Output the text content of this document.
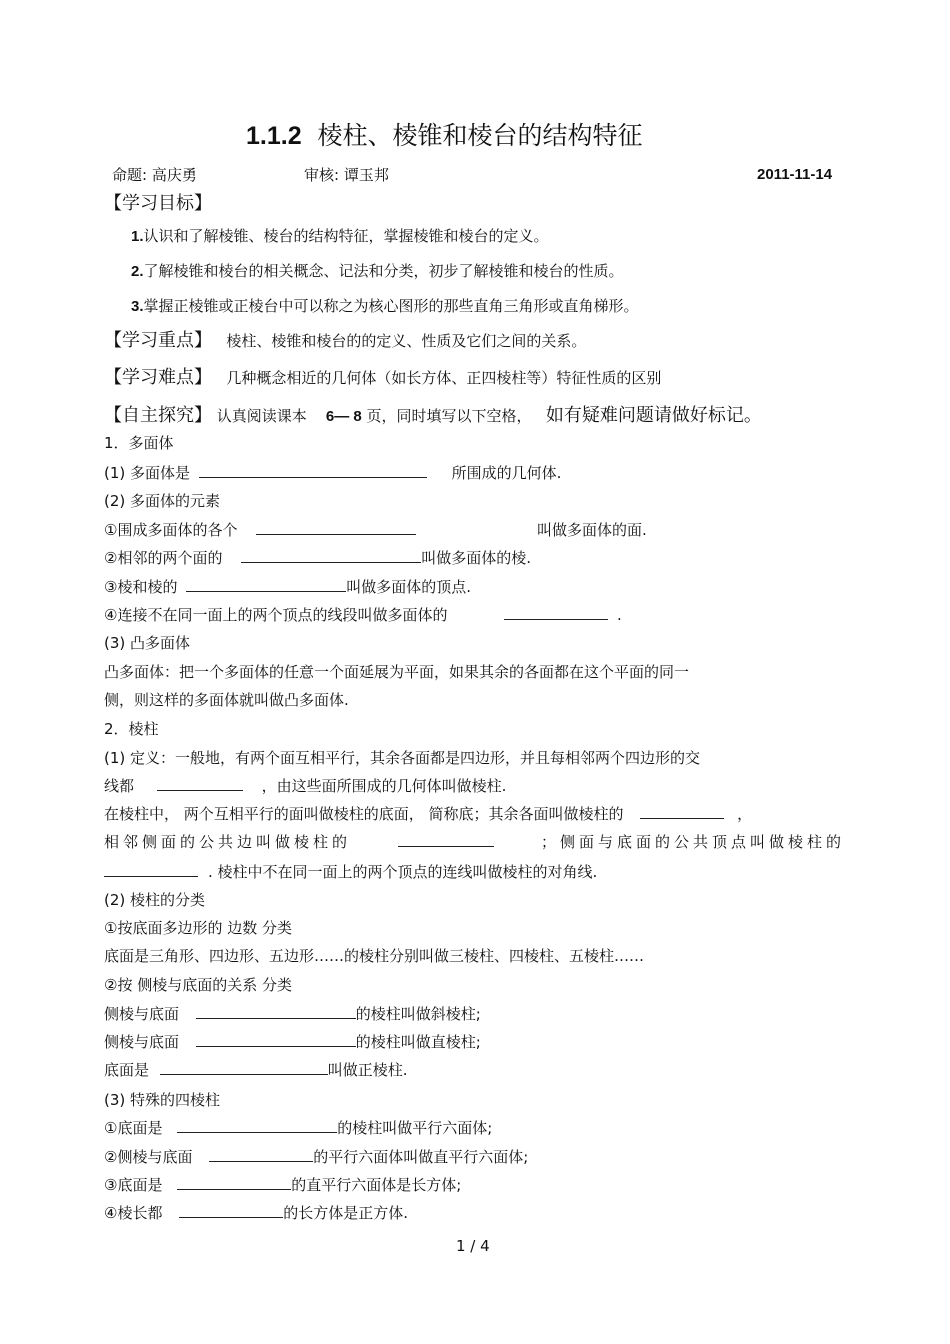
1.1.2 棱柱、棱锥和棱台的结构特征
命题: 高庆勇	审核: 谭玉邦	2011-11-14
【学习目标】
1.认识和了解棱锥、棱台的结构特征，掌握棱锥和棱台的定义。
2.了解棱锥和棱台的相关概念、记法和分类，初步了解棱锥和棱台的性质。
3.掌握正棱锥或正棱台中可以称之为核心图形的那些直角三角形或直角梯形。
【学习重点】 棱柱、棱锥和棱台的的定义、性质及它们之间的关系。
【学习难点】 几种概念相近的几何体（如长方体、正四棱柱等）特征性质的区别
【自主探究】 认真阅读课本 6— 8 页，同时填写以下空格， 如有疑难问题请做好标记。
1．多面体
(1) 多面体是	所围成的几何体.
(2) 多面体的元素
①围成多面体的各个	叫做多面体的面.
②相邻的两个面的	叫做多面体的棱.
③棱和棱的	叫做多面体的顶点.
④连接不在同一面上的两个顶点的线段叫做多面体的	.
(3) 凸多面体
凸多面体：把一个多面体的任意一个面延展为平面，如果其余的各面都在这个平面的同一
侧，则这样的多面体就叫做凸多面体.
2．棱柱
(1) 定义：一般地，有两个面互相平行，其余各面都是四边形，并且每相邻两个四边形的交
线都	，由这些面所围成的几何体叫做棱柱.
在棱柱中， 两个互相平行的面叫做棱柱的底面， 简称底；其余各面叫做棱柱的	，
相邻侧面的公共边叫做棱柱的	；侧面与底面的公共顶点叫做棱柱的
. 棱柱中不在同一面上的两个顶点的连线叫做棱柱的对角线.
(2) 棱柱的分类
①按底面多边形的 边数 分类
底面是三角形、四边形、五边形……的棱柱分别叫做三棱柱、四棱柱、五棱柱……
②按 侧棱与底面的关系 分类
侧棱与底面	的棱柱叫做斜棱柱;
侧棱与底面	的棱柱叫做直棱柱;
底面是	叫做正棱柱.
(3) 特殊的四棱柱
①底面是	的棱柱叫做平行六面体;
②侧棱与底面	的平行六面体叫做直平行六面体;
③底面是	的直平行六面体是长方体;
④棱长都	的长方体是正方体.
1 / 4
